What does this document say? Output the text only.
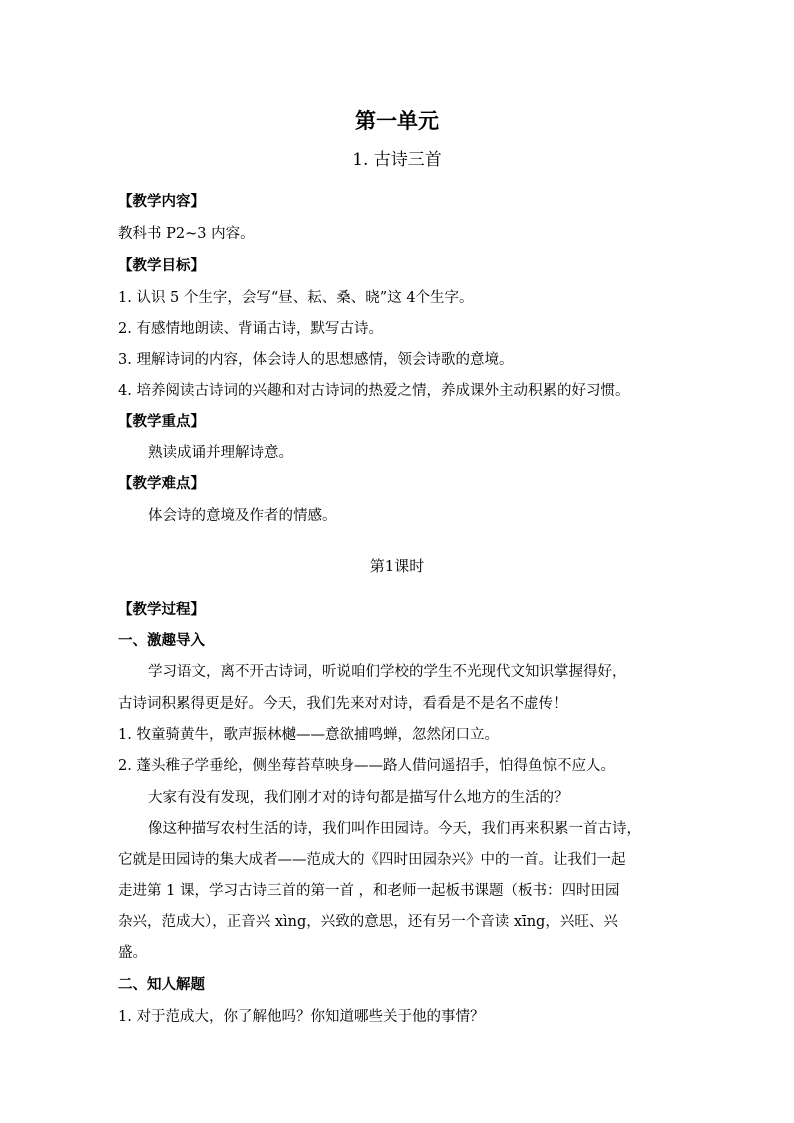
第一单元
1. 古诗三首
【教学内容】
教科书 P2~3 内容。
【教学目标】
1. 认识 5 个生字，会写“昼、耘、桑、晓”这 4个生字。
2. 有感情地朗读、背诵古诗，默写古诗。
3. 理解诗词的内容，体会诗人的思想感情，领会诗歌的意境。
4. 培养阅读古诗词的兴趣和对古诗词的热爱之情，养成课外主动积累的好习惯。
【教学重点】
熟读成诵并理解诗意。
【教学难点】
体会诗的意境及作者的情感。
第1课时
【教学过程】
一、激趣导入
学习语文，离不开古诗词，听说咱们学校的学生不光现代文知识掌握得好，
古诗词积累得更是好。今天，我们先来对对诗，看看是不是名不虚传！
1. 牧童骑黄牛，歌声振林樾——意欲捕鸣蝉，忽然闭口立。
2. 蓬头稚子学垂纶，侧坐莓苔草映身——路人借问遥招手，怕得鱼惊不应人。
大家有没有发现，我们刚才对的诗句都是描写什么地方的生活的？
像这种描写农村生活的诗，我们叫作田园诗。今天，我们再来积累一首古诗，
它就是田园诗的集大成者——范成大的《四时田园杂兴》中的一首。让我们一起
走进第 1 课，学习古诗三首的第一首 ，和老师一起板书课题（板书：四时田园
杂兴，范成大），正音兴 xìng，兴致的意思，还有另一个音读 xīng，兴旺、兴
盛。
二、知人解题
1. 对于范成大，你了解他吗？你知道哪些关于他的事情？
